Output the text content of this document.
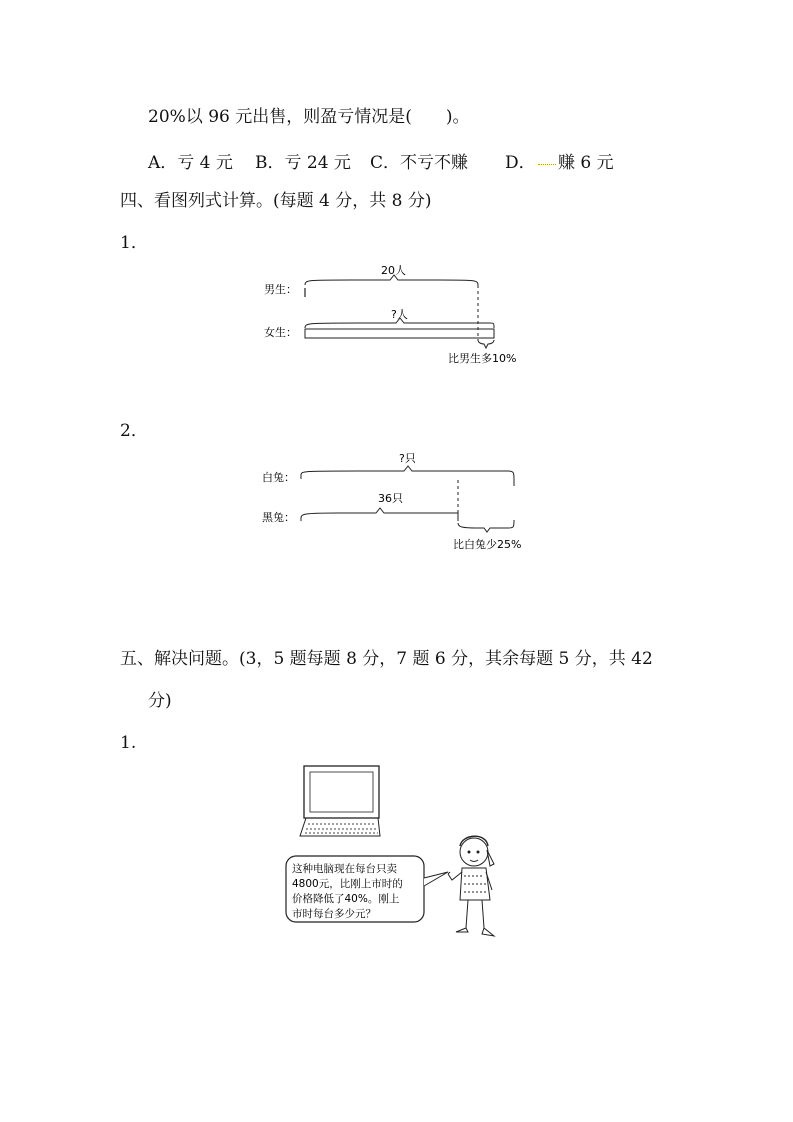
20%以 96 元出售，则盈亏情况是(　　)。
A．亏 4 元 B．亏 24 元 C．不亏不赚 D． 赚 6 元
四、看图列式计算。(每题 4 分，共 8 分)
1．
男生：
女生：
20人
?人
比男生多10%
2．
白兔：
黑兔：
?只
36只
比白兔少25%
五、解决问题。(3，5 题每题 8 分，7 题 6 分，其余每题 5 分，共 42
分)
1.
这种电脑现在每台只卖
4800元，比刚上市时的
价格降低了40%。刚上
市时每台多少元？
